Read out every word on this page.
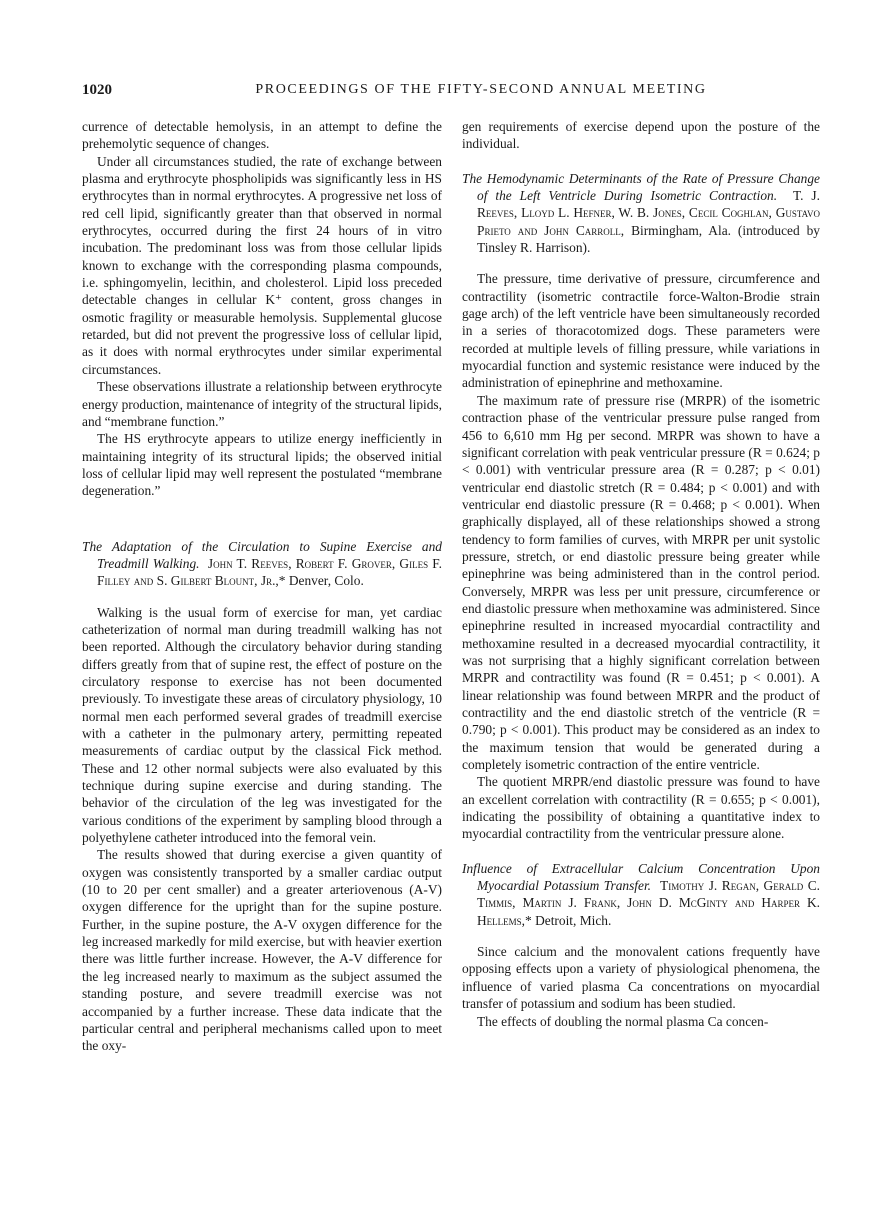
1020	PROCEEDINGS OF THE FIFTY-SECOND ANNUAL MEETING

currence of detectable hemolysis, in an attempt to define the prehemolytic sequence of changes.

Under all circumstances studied, the rate of exchange between plasma and erythrocyte phospholipids was significantly less in HS erythrocytes than in normal erythrocytes. A progressive net loss of red cell lipid, significantly greater than that observed in normal erythrocytes, occurred during the first 24 hours of in vitro incubation. The predominant loss was from those cellular lipids known to exchange with the corresponding plasma compounds, i.e. sphingomyelin, lecithin, and cholesterol. Lipid loss preceded detectable changes in cellular K⁺ content, gross changes in osmotic fragility or measurable hemolysis. Supplemental glucose retarded, but did not prevent the progressive loss of cellular lipid, as it does with normal erythrocytes under similar experimental circumstances.

These observations illustrate a relationship between erythrocyte energy production, maintenance of integrity of the structural lipids, and “membrane function.”

The HS erythrocyte appears to utilize energy inefficiently in maintaining integrity of its structural lipids; the observed initial loss of cellular lipid may well represent the postulated “membrane degeneration.”

The Adaptation of the Circulation to Supine Exercise and Treadmill Walking. John T. Reeves, Robert F. Grover, Giles F. Filley and S. Gilbert Blount, Jr.,* Denver, Colo.

Walking is the usual form of exercise for man, yet cardiac catheterization of normal man during treadmill walking has not been reported. Although the circulatory behavior during standing differs greatly from that of supine rest, the effect of posture on the circulatory response to exercise has not been documented previously. To investigate these areas of circulatory physiology, 10 normal men each performed several grades of treadmill exercise with a catheter in the pulmonary artery, permitting repeated measurements of cardiac output by the classical Fick method. These and 12 other normal subjects were also evaluated by this technique during supine exercise and during standing. The behavior of the circulation of the leg was investigated for the various conditions of the experiment by sampling blood through a polyethylene catheter introduced into the femoral vein.

The results showed that during exercise a given quantity of oxygen was consistently transported by a smaller cardiac output (10 to 20 per cent smaller) and a greater arteriovenous (A-V) oxygen difference for the upright than for the supine posture. Further, in the supine posture, the A-V oxygen difference for the leg increased markedly for mild exercise, but with heavier exertion there was little further increase. However, the A-V difference for the leg increased nearly to maximum as the subject assumed the standing posture, and severe treadmill exercise was not accompanied by a further increase. These data indicate that the particular central and peripheral mechanisms called upon to meet the oxy-

gen requirements of exercise depend upon the posture of the individual.

The Hemodynamic Determinants of the Rate of Pressure Change of the Left Ventricle During Isometric Contraction. T. J. Reeves, Lloyd L. Hefner, W. B. Jones, Cecil Coghlan, Gustavo Prieto and John Carroll, Birmingham, Ala. (introduced by Tinsley R. Harrison).

The pressure, time derivative of pressure, circumference and contractility (isometric contractile force-Walton-Brodie strain gage arch) of the left ventricle have been simultaneously recorded in a series of thoracotomized dogs. These parameters were recorded at multiple levels of filling pressure, while variations in myocardial function and systemic resistance were induced by the administration of epinephrine and methoxamine.

The maximum rate of pressure rise (MRPR) of the isometric contraction phase of the ventricular pressure pulse ranged from 456 to 6,610 mm Hg per second. MRPR was shown to have a significant correlation with peak ventricular pressure (R = 0.624; p < 0.001) with ventricular pressure area (R = 0.287; p < 0.01) ventricular end diastolic stretch (R = 0.484; p < 0.001) and with ventricular end diastolic pressure (R = 0.468; p < 0.001). When graphically displayed, all of these relationships showed a strong tendency to form families of curves, with MRPR per unit systolic pressure, stretch, or end diastolic pressure being greater while epinephrine was being administered than in the control period. Conversely, MRPR was less per unit pressure, circumference or end diastolic pressure when methoxamine was administered. Since epinephrine resulted in increased myocardial contractility and methoxamine resulted in a decreased myocardial contractility, it was not surprising that a highly significant correlation between MRPR and contractility was found (R = 0.451; p < 0.001). A linear relationship was found between MRPR and the product of contractility and the end diastolic stretch of the ventricle (R = 0.790; p < 0.001). This product may be considered as an index to the maximum tension that would be generated during a completely isometric contraction of the entire ventricle.

The quotient MRPR/end diastolic pressure was found to have an excellent correlation with contractility (R = 0.655; p < 0.001), indicating the possibility of obtaining a quantitative index to myocardial contractility from the ventricular pressure alone.

Influence of Extracellular Calcium Concentration Upon Myocardial Potassium Transfer. Timothy J. Regan, Gerald C. Timmis, Martin J. Frank, John D. McGinty and Harper K. Hellems,* Detroit, Mich.

Since calcium and the monovalent cations frequently have opposing effects upon a variety of physiological phenomena, the influence of varied plasma Ca concentrations on myocardial transfer of potassium and sodium has been studied.

The effects of doubling the normal plasma Ca concen-
